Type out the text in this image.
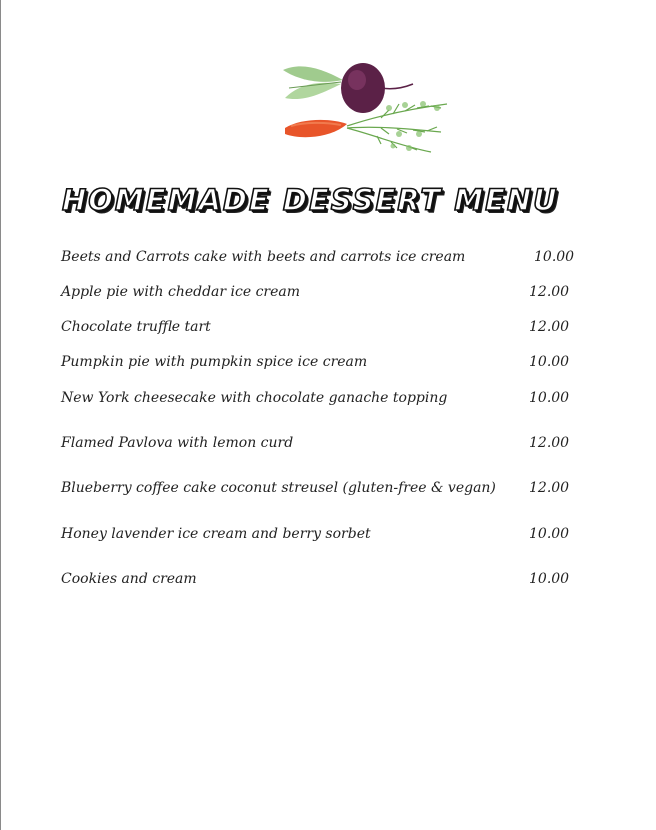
HOMEMADE DESSERT MENU
Beets and Carrots cake with beets and carrots ice cream	10.00
Apple pie with cheddar ice cream	12.00
Chocolate truffle tart	12.00
Pumpkin pie with pumpkin spice ice cream	10.00
New York cheesecake with chocolate ganache topping	10.00
Flamed Pavlova with lemon curd	12.00
Blueberry coffee cake coconut streusel (gluten-free & vegan) 12.00
Honey lavender ice cream and berry sorbet	10.00
Cookies and cream	10.00
